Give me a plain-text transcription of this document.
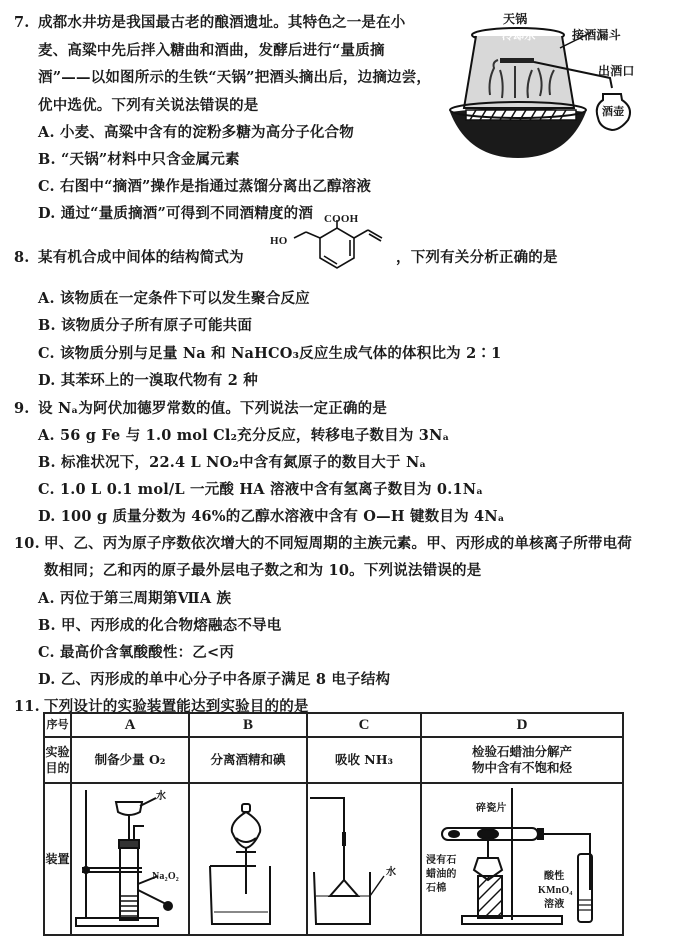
7. 成都水井坊是我国最古老的酿酒遗址。其特色之一是在小
麦、高粱中先后拌入糖曲和酒曲，发酵后进行“量质摘
酒”——以如图所示的生铁“天锅”把酒头摘出后，边摘边尝，
优中选优。下列有关说法错误的是
A. 小麦、高粱中含有的淀粉多糖为高分子化合物
B. “天锅”材料中只含金属元素
C. 右图中“摘酒”操作是指通过蒸馏分离出乙醇溶液
D. 通过“量质摘酒”可得到不同酒精度的酒
天锅
冷却水	接酒漏斗
出酒口
酒壶
8. 某有机合成中间体的结构简式为
COOH
HO
，下列有关分析正确的是
A. 该物质在一定条件下可以发生聚合反应
B. 该物质分子所有原子可能共面
C. 该物质分别与足量 Na 和 NaHCO₃反应生成气体的体积比为 2∶1
D. 其苯环上的一溴取代物有 2 种
9. 设 Nₐ为阿伏加德罗常数的值。下列说法一定正确的是
A. 56 g Fe 与 1.0 mol Cl₂充分反应，转移电子数目为 3Nₐ
B. 标准状况下，22.4 L NO₂中含有氮原子的数目大于 Nₐ
C. 1.0 L 0.1 mol/L 一元酸 HA 溶液中含有氢离子数目为 0.1Nₐ
D. 100 g 质量分数为 46%的乙醇水溶液中含有 O—H 键数目为 4Nₐ
10. 甲、乙、丙为原子序数依次增大的不同短周期的主族元素。甲、丙形成的单核离子所带电荷
数相同；乙和丙的原子最外层电子数之和为 10。下列说法错误的是
A. 丙位于第三周期第ⅦA 族
B. 甲、丙形成的化合物熔融态不导电
C. 最高价含氧酸酸性：乙<丙
D. 乙、丙形成的单中心分子中各原子满足 8 电子结构
11. 下列设计的实验装置能达到实验目的的是
序号	A	B	C	D
实验目的	制备少量 O₂	分离酒精和碘	吸收 NH₃	检验石蜡油分解产
物中含有不饱和烃

装置	
水
Na₂O₂		水

碎瓷片
浸有石
蜡油的
石棉
酸性
KMnO₄
溶液
